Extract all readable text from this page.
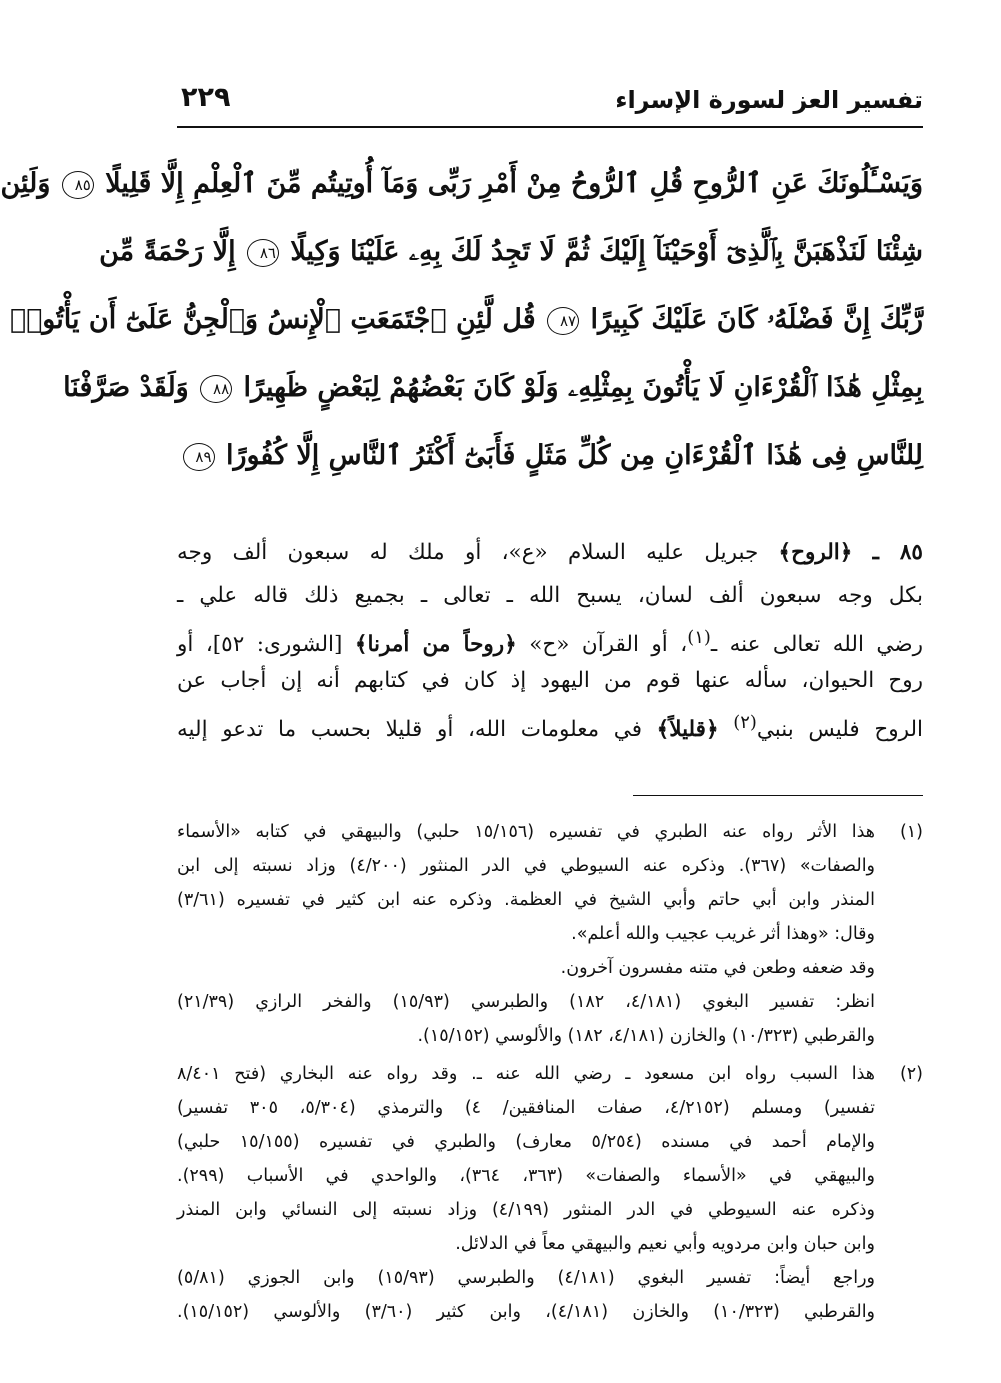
تفسير العز لسورة الإسراء
٢٢٩
وَيَسْـَٔلُونَكَ عَنِ ٱلرُّوحِ قُلِ ٱلرُّوحُ مِنْ أَمْرِ رَبِّى وَمَآ أُوتِيتُم مِّنَ ٱلْعِلْمِ إِلَّا قَلِيلًا ٨٥ وَلَئِن
شِئْنَا لَنَذْهَبَنَّ بِٱلَّذِىٓ أَوْحَيْنَآ إِلَيْكَ ثُمَّ لَا تَجِدُ لَكَ بِهِۦ عَلَيْنَا وَكِيلًا ٨٦ إِلَّا رَحْمَةً مِّن
رَّبِّكَ إِنَّ فَضْلَهُۥ كَانَ عَلَيْكَ كَبِيرًا ٨٧ قُل لَّئِنِ ٱجْتَمَعَتِ ٱلْإِنسُ وَٱلْجِنُّ عَلَىٰٓ أَن يَأْتُوا۟
بِمِثْلِ هَٰذَا ٱلْقُرْءَانِ لَا يَأْتُونَ بِمِثْلِهِۦ وَلَوْ كَانَ بَعْضُهُمْ لِبَعْضٍ ظَهِيرًا ٨٨ وَلَقَدْ صَرَّفْنَا
لِلنَّاسِ فِى هَٰذَا ٱلْقُرْءَانِ مِن كُلِّ مَثَلٍ فَأَبَىٰٓ أَكْثَرُ ٱلنَّاسِ إِلَّا كُفُورًا ٨٩
٨٥ ـ ﴿الروح﴾ جبريل عليه السلام «ع»، أو ملك له سبعون ألف وجه
بكل وجه سبعون ألف لسان، يسبح الله ـ تعالى ـ بجميع ذلك قاله علي ـ
رضي الله تعالى عنه ـ$^{(١)}$، أو القرآن «ح» ﴿روحاً من أمرنا﴾ [الشورى: ٥٢]، أو
روح الحيوان، سأله عنها قوم من اليهود إذ كان في كتابهم أنه إن أجاب عن
الروح فليس بنبي$^{(٢)}$ ﴿قليلاً﴾ في معلومات الله، أو قليلا بحسب ما تدعو إليه
(١)
هذا الأثر رواه عنه الطبري في تفسيره (١٥/١٥٦ حلبي) والبيهقي في كتابه «الأسماء
والصفات» (٣٦٧). وذكره عنه السيوطي في الدر المنثور (٤/٢٠٠) وزاد نسبته إلى ابن
المنذر وابن أبي حاتم وأبي الشيخ في العظمة. وذكره عنه ابن كثير في تفسيره (٣/٦١)
وقال: «وهذا أثر غريب عجيب والله أعلم».
وقد ضعفه وطعن في متنه مفسرون آخرون.
انظر: تفسير البغوي (٤/١٨١، ١٨٢) والطبرسي (١٥/٩٣) والفخر الرازي (٢١/٣٩)
والقرطبي (١٠/٣٢٣) والخازن (٤/١٨١، ١٨٢) والألوسي (١٥/١٥٢).
(٢)
هذا السبب رواه ابن مسعود ـ رضي الله عنه ـ. وقد رواه عنه البخاري (فتح ٨/٤٠١
تفسير) ومسلم (٤/٢١٥٢، صفات المنافقين/ ٤) والترمذي (٥/٣٠٤، ٣٠٥ تفسير)
والإمام أحمد في مسنده (٥/٢٥٤ معارف) والطبري في تفسيره (١٥/١٥٥ حلبي)
والبيهقي في «الأسماء والصفات» (٣٦٣، ٣٦٤)، والواحدي في الأسباب (٢٩٩).
وذكره عنه السيوطي في الدر المنثور (٤/١٩٩) وزاد نسبته إلى النسائي وابن المنذر
وابن حبان وابن مردويه وأبي نعيم والبيهقي معاً في الدلائل.
وراجع أيضاً: تفسير البغوي (٤/١٨١) والطبرسي (١٥/٩٣) وابن الجوزي (٥/٨١)
والقرطبي (١٠/٣٢٣) والخازن (٤/١٨١)، وابن كثير (٣/٦٠) والألوسي (١٥/١٥٢).
